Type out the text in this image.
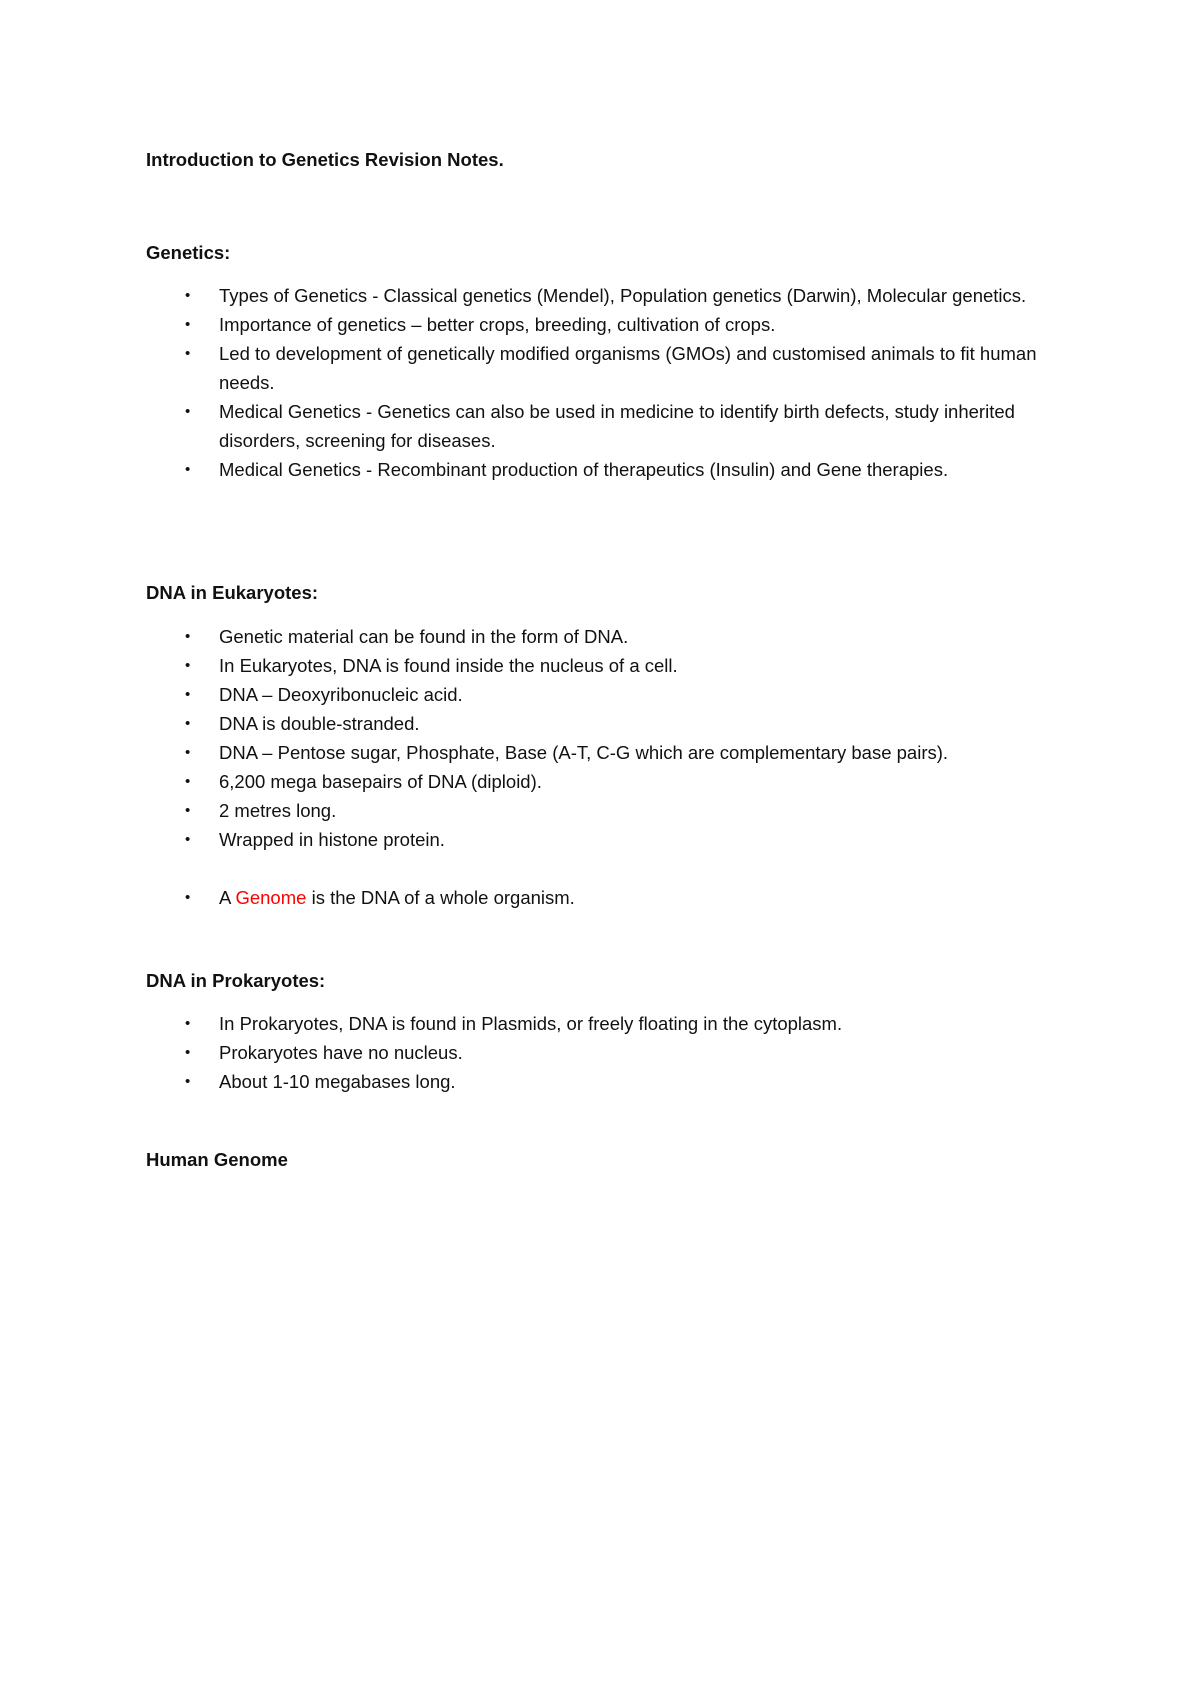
Introduction to Genetics Revision Notes.
Genetics:
•	Types of Genetics - Classical genetics (Mendel), Population genetics (Darwin), Molecular genetics.
•	Importance of genetics – better crops, breeding, cultivation of crops.
•	Led to development of genetically modified organisms (GMOs) and customised animals to fit human needs.
•	Medical Genetics - Genetics can also be used in medicine to identify birth defects, study inherited disorders, screening for diseases.
•	Medical Genetics - Recombinant production of therapeutics (Insulin) and Gene therapies.
DNA in Eukaryotes:
•	Genetic material can be found in the form of DNA.
•	In Eukaryotes, DNA is found inside the nucleus of a cell.
•	DNA – Deoxyribonucleic acid.
•	DNA is double-stranded.
•	DNA – Pentose sugar, Phosphate, Base (A-T, C-G which are complementary base pairs).
•	6,200 mega basepairs of DNA (diploid).
•	2 metres long.
•	Wrapped in histone protein.
•	A Genome is the DNA of a whole organism.
DNA in Prokaryotes:
•	In Prokaryotes, DNA is found in Plasmids, or freely floating in the cytoplasm.
•	Prokaryotes have no nucleus.
•	About 1-10 megabases long.
Human Genome
